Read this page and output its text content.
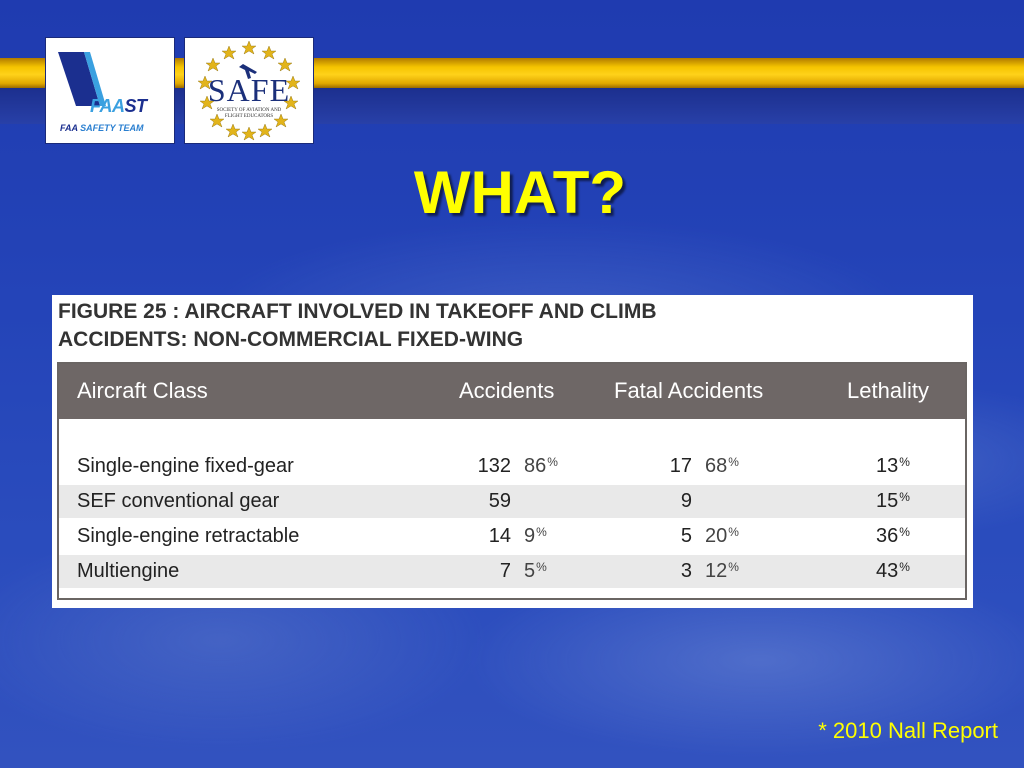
FAAST
FAA SAFETY TEAM
SAFE
SOCIETY OF AVIATION AND
FLIGHT EDUCATORS
WHAT?
FIGURE 25 : AIRCRAFT INVOLVED IN TAKEOFF AND CLIMB
ACCIDENTS: NON-COMMERCIAL FIXED-WING
Aircraft Class	Accidents	Fatal Accidents	Lethality
Single-engine fixed-gear	132 86%	17 68%	13%
SEF conventional gear	59	9	15%
Single-engine retractable	14 9%	5 20%	36%
Multiengine	7 5%	3 12%	43%
* 2010 Nall Report
